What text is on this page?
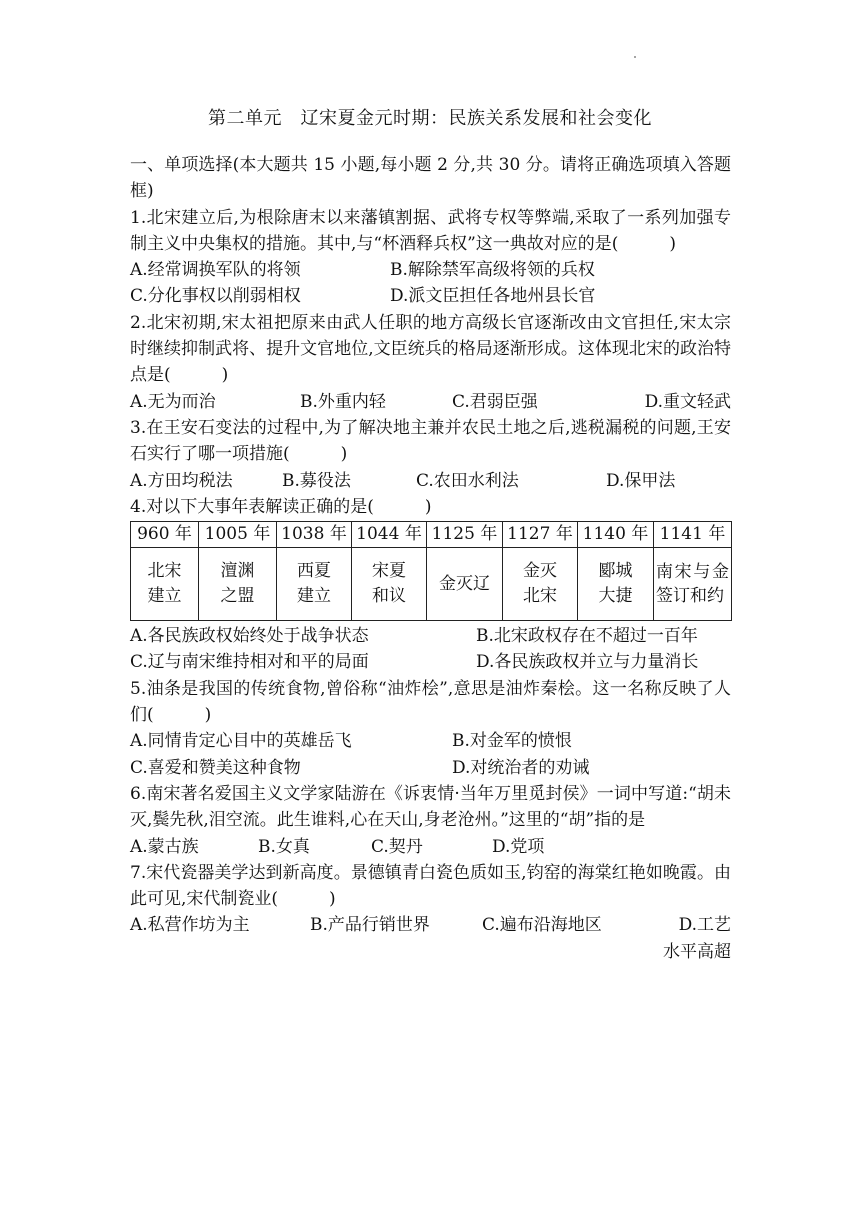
第二单元　辽宋夏金元时期：民族关系发展和社会变化

一、单项选择(本大题共 15 小题,每小题 2 分,共 30 分。请将正确选项填入答题框)

1.北宋建立后,为根除唐末以来藩镇割据、武将专权等弊端,采取了一系列加强专制主义中央集权的措施。其中,与“杯酒释兵权”这一典故对应的是(　　　)

A.经常调换军队的将领	B.解除禁军高级将领的兵权
C.分化事权以削弱相权	D.派文臣担任各地州县长官

2.北宋初期,宋太祖把原来由武人任职的地方高级长官逐渐改由文官担任,宋太宗时继续抑制武将、提升文官地位,文臣统兵的格局逐渐形成。这体现北宋的政治特点是(　　　)

A.无为而治	B.外重内轻	C.君弱臣强	D.重文轻武

3.在王安石变法的过程中,为了解决地主兼并农民土地之后,逃税漏税的问题,王安石实行了哪一项措施(　　　)

A.方田均税法	B.募役法	C.农田水利法	D.保甲法

4.对以下大事年表解读正确的是(　　　)

960 年	1005 年	1038 年	1044 年	1125 年	1127 年	1140 年	1141 年
北宋建立	澶渊之盟	西夏建立	宋夏和议	金灭辽	金灭北宋	郾城大捷	南宋与金签订和约
A.各民族政权始终处于战争状态	B.北宋政权存在不超过一百年
C.辽与南宋维持相对和平的局面	D.各民族政权并立与力量消长

5.油条是我国的传统食物,曾俗称“油炸桧”,意思是油炸秦桧。这一名称反映了人们(　　　)

A.同情肯定心目中的英雄岳飞	B.对金军的愤恨
C.喜爱和赞美这种食物	D.对统治者的劝诫

6.南宋著名爱国主义文学家陆游在《诉衷情·当年万里觅封侯》一词中写道:“胡未灭,鬓先秋,泪空流。此生谁料,心在天山,身老沧州。”这里的“胡”指的是

A.蒙古族	B.女真	C.契丹	D.党项

7.宋代瓷器美学达到新高度。景德镇青白瓷色质如玉,钧窑的海棠红艳如晚霞。由此可见,宋代制瓷业(　　　)

A.私营作坊为主	B.产品行销世界	C.遍布沿海地区	D.工艺水平高超
